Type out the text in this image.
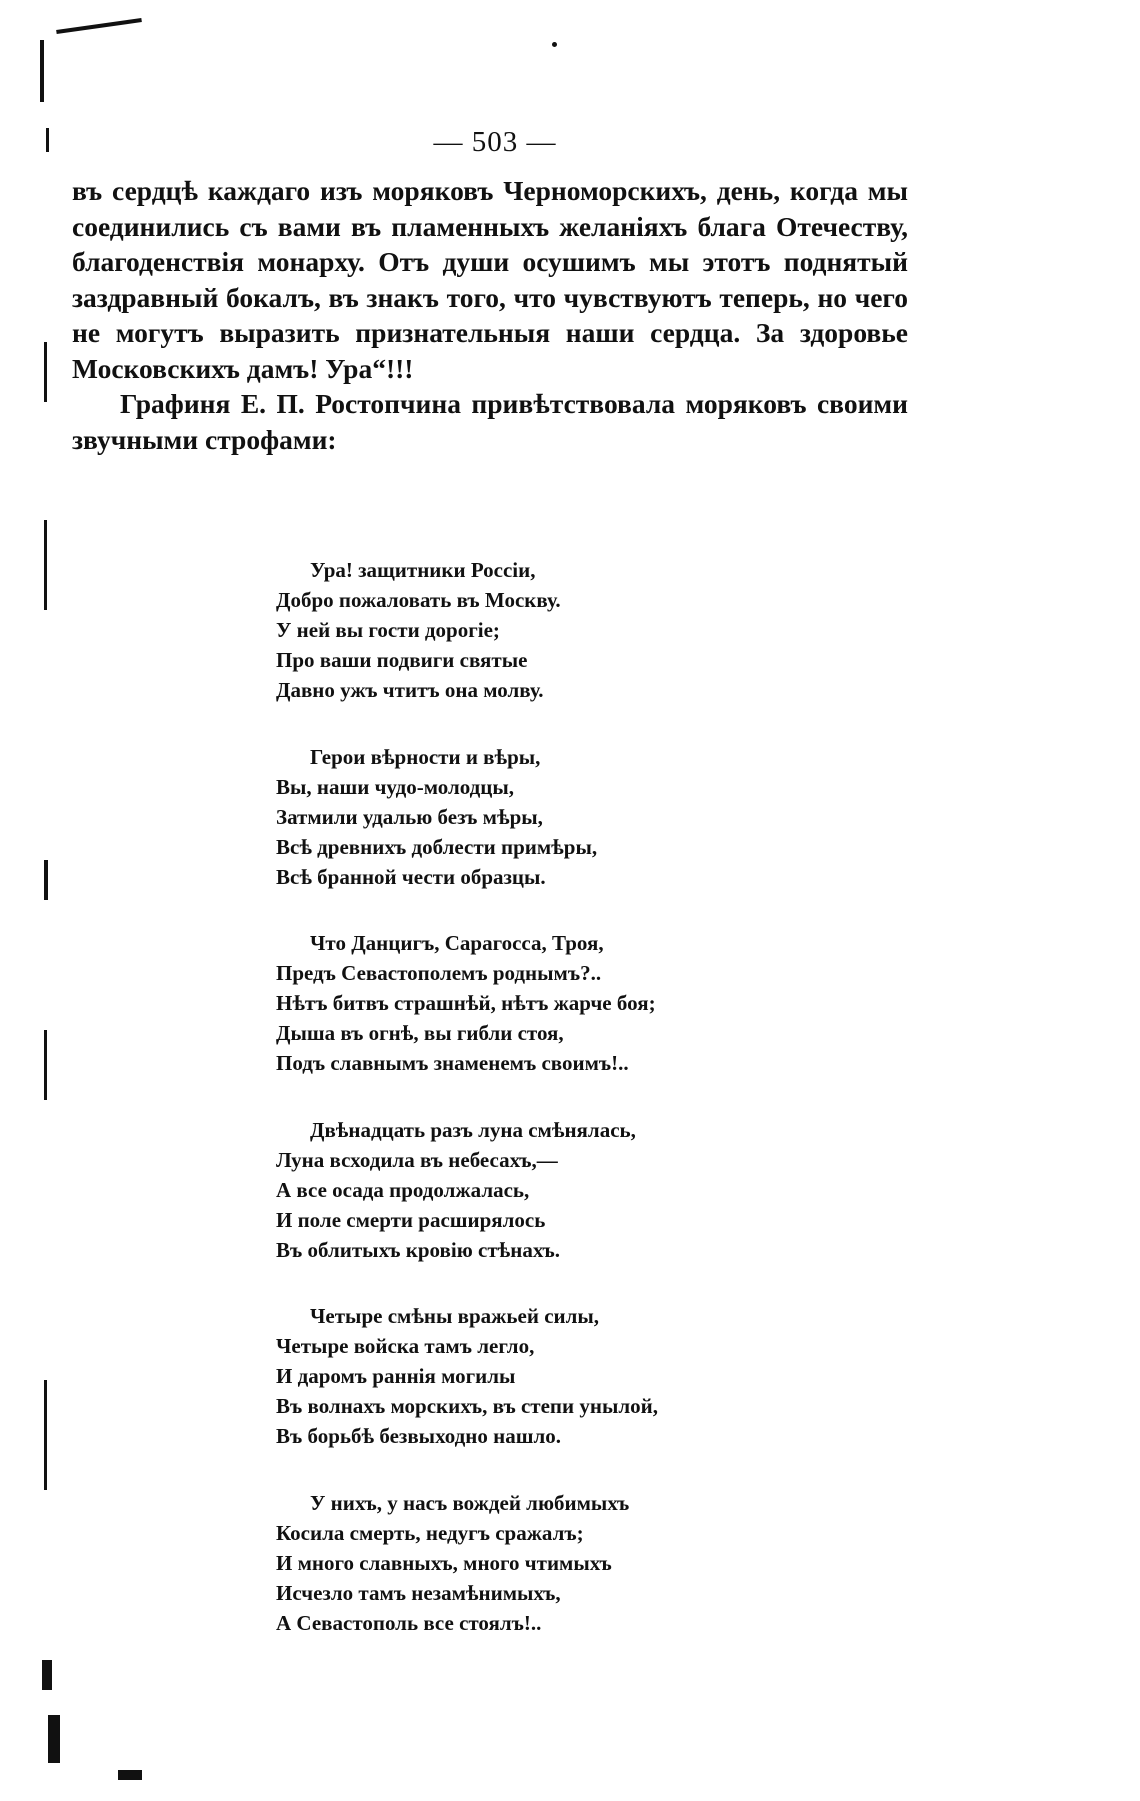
— 503 —

въ сердцѣ каждаго изъ моряковъ Черноморскихъ, день, когда мы соединились съ вами въ пламенныхъ желаніяхъ блага Отечеству, благоденствія монарху. Отъ души осушимъ мы этотъ поднятый заздравный бокалъ, въ знакъ того, что чувствуютъ теперь, но чего не могутъ выразить признательныя наши сердца. За здоровье Московскихъ дамъ! Ура“!!!

Графиня Е. П. Ростопчина привѣтствовала моряковъ своими звучными строфами:

Ура! защитники Россіи,
Добро пожаловать въ Москву.
У ней вы гости дорогіе;
Про ваши подвиги святые
Давно ужъ чтитъ она молву.
Герои вѣрности и вѣры,
Вы, наши чудо-молодцы,
Затмили удалью безъ мѣры,
Всѣ древнихъ доблести примѣры,
Всѣ бранной чести образцы.
Что Данцигъ, Сарагосса, Троя,
Предъ Севастополемъ роднымъ?..
Нѣтъ битвъ страшнѣй, нѣтъ жарче боя;
Дыша въ огнѣ, вы гибли стоя,
Подъ славнымъ знаменемъ своимъ!..
Двѣнадцать разъ луна смѣнялась,
Луна всходила въ небесахъ,—
А все осада продолжалась,
И поле смерти расширялось
Въ облитыхъ кровію стѣнахъ.
Четыре смѣны вражьей силы,
Четыре войска тамъ легло,
И даромъ раннія могилы
Въ волнахъ морскихъ, въ степи унылой,
Въ борьбѣ безвыходно нашло.
У нихъ, у насъ вождей любимыхъ
Косила смерть, недугъ сражалъ;
И много славныхъ, много чтимыхъ
Исчезло тамъ незамѣнимыхъ,
А Севастополь все стоялъ!..
